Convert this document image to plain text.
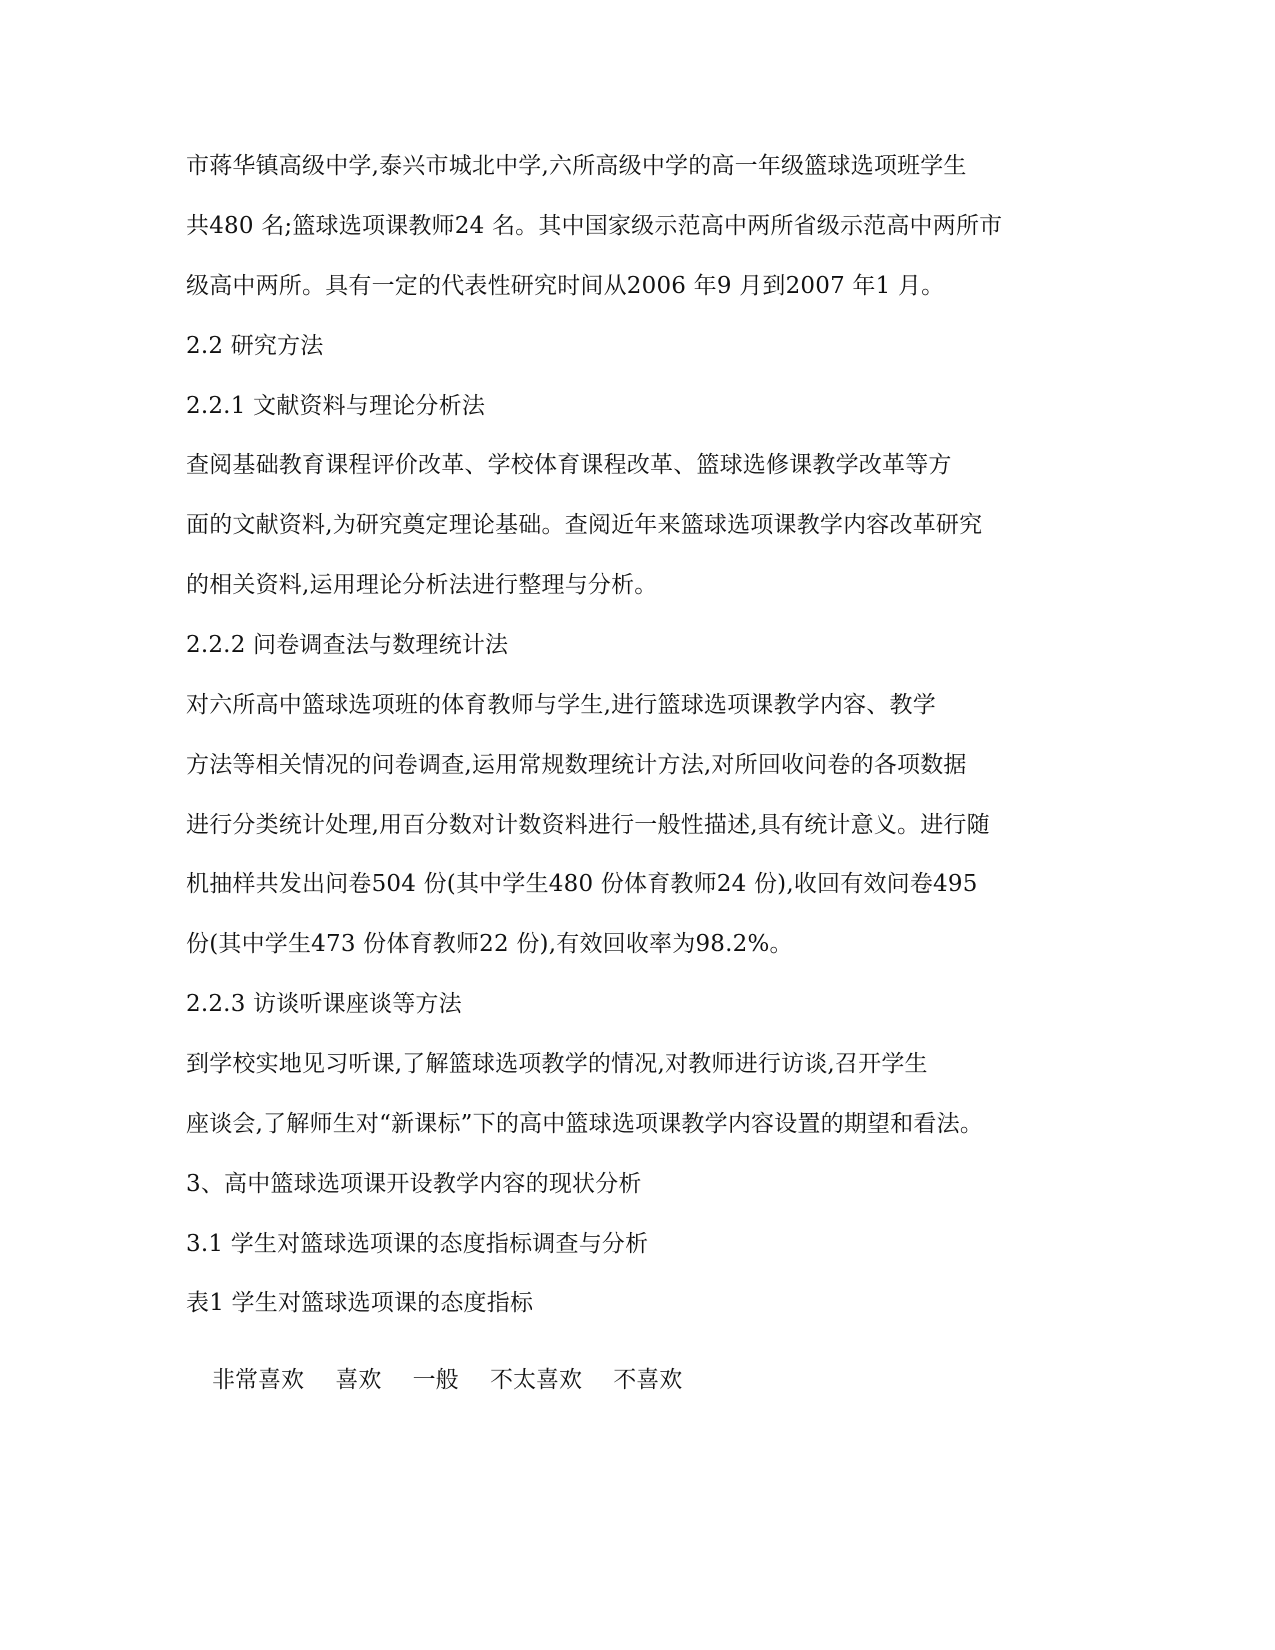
市蒋华镇高级中学,泰兴市城北中学,六所高级中学的高一年级篮球选项班学生
共480 名;篮球选项课教师24 名。其中国家级示范高中两所省级示范高中两所市
级高中两所。具有一定的代表性研究时间从2006 年9 月到2007 年1 月。
2.2 研究方法
2.2.1 文献资料与理论分析法
查阅基础教育课程评价改革、学校体育课程改革、篮球选修课教学改革等方
面的文献资料,为研究奠定理论基础。查阅近年来篮球选项课教学内容改革研究
的相关资料,运用理论分析法进行整理与分析。
2.2.2 问卷调查法与数理统计法
对六所高中篮球选项班的体育教师与学生,进行篮球选项课教学内容、教学
方法等相关情况的问卷调查,运用常规数理统计方法,对所回收问卷的各项数据
进行分类统计处理,用百分数对计数资料进行一般性描述,具有统计意义。进行随
机抽样共发出问卷504 份(其中学生480 份体育教师24 份),收回有效问卷495
份(其中学生473 份体育教师22 份),有效回收率为98.2%。
2.2.3 访谈听课座谈等方法
到学校实地见习听课,了解篮球选项教学的情况,对教师进行访谈,召开学生
座谈会,了解师生对“新课标”下的高中篮球选项课教学内容设置的期望和看法。
3、高中篮球选项课开设教学内容的现状分析
3.1 学生对篮球选项课的态度指标调查与分析
表1 学生对篮球选项课的态度指标
非常喜欢 喜欢 一般 不太喜欢 不喜欢
